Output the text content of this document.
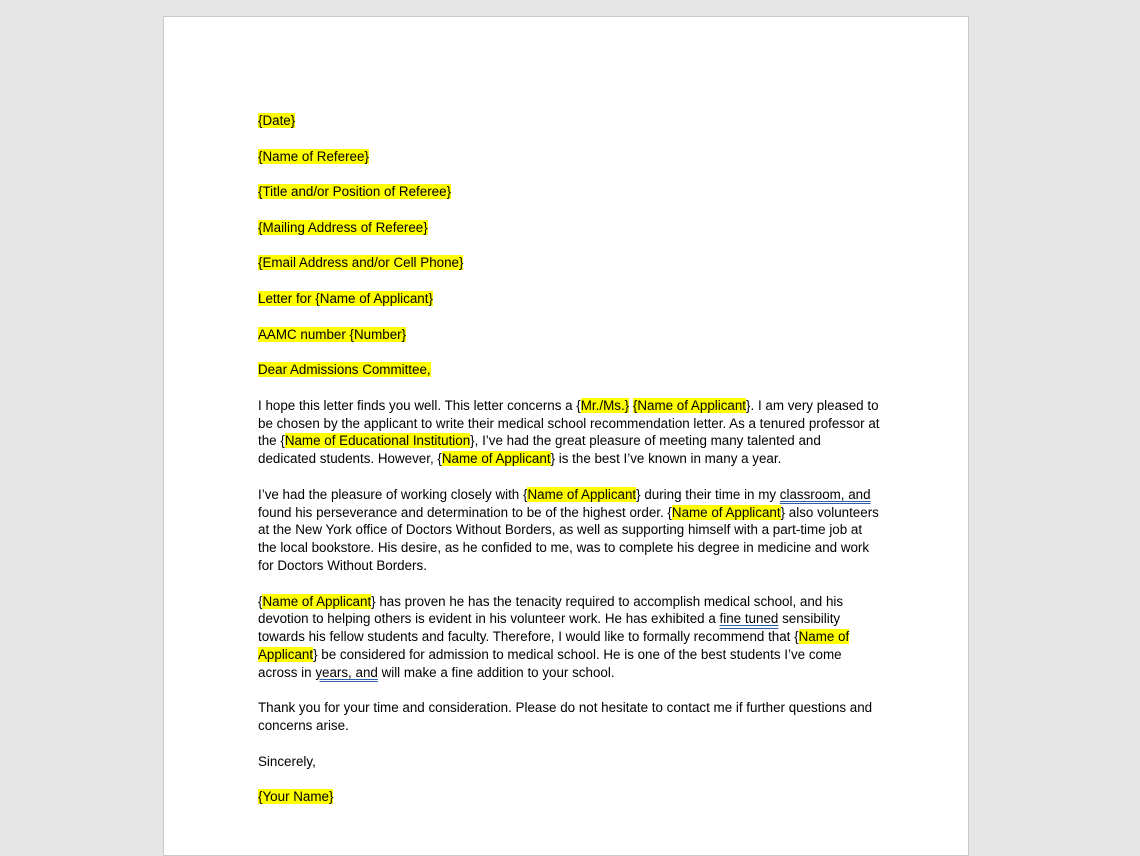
{Date}

{Name of Referee}

{Title and/or Position of Referee}

{Mailing Address of Referee}

{Email Address and/or Cell Phone}

Letter for {Name of Applicant}

AAMC number {Number}

Dear Admissions Committee,

I hope this letter finds you well. This letter concerns a {Mr./Ms.} {Name of Applicant}. I am very pleased to be chosen by the applicant to write their medical school recommendation letter. As a tenured professor at the {Name of Educational Institution}, I’ve had the great pleasure of meeting many talented and dedicated students. However, {Name of Applicant} is the best I’ve known in many a year.

I’ve had the pleasure of working closely with {Name of Applicant} during their time in my classroom, and found his perseverance and determination to be of the highest order. {Name of Applicant} also volunteers at the New York office of Doctors Without Borders, as well as supporting himself with a part-time job at the local bookstore. His desire, as he confided to me, was to complete his degree in medicine and work for Doctors Without Borders.

{Name of Applicant} has proven he has the tenacity required to accomplish medical school, and his devotion to helping others is evident in his volunteer work. He has exhibited a fine tuned sensibility towards his fellow students and faculty. Therefore, I would like to formally recommend that {Name of Applicant} be considered for admission to medical school. He is one of the best students I’ve come across in years, and will make a fine addition to your school.

Thank you for your time and consideration. Please do not hesitate to contact me if further questions and concerns arise.

Sincerely,

{Your Name}
